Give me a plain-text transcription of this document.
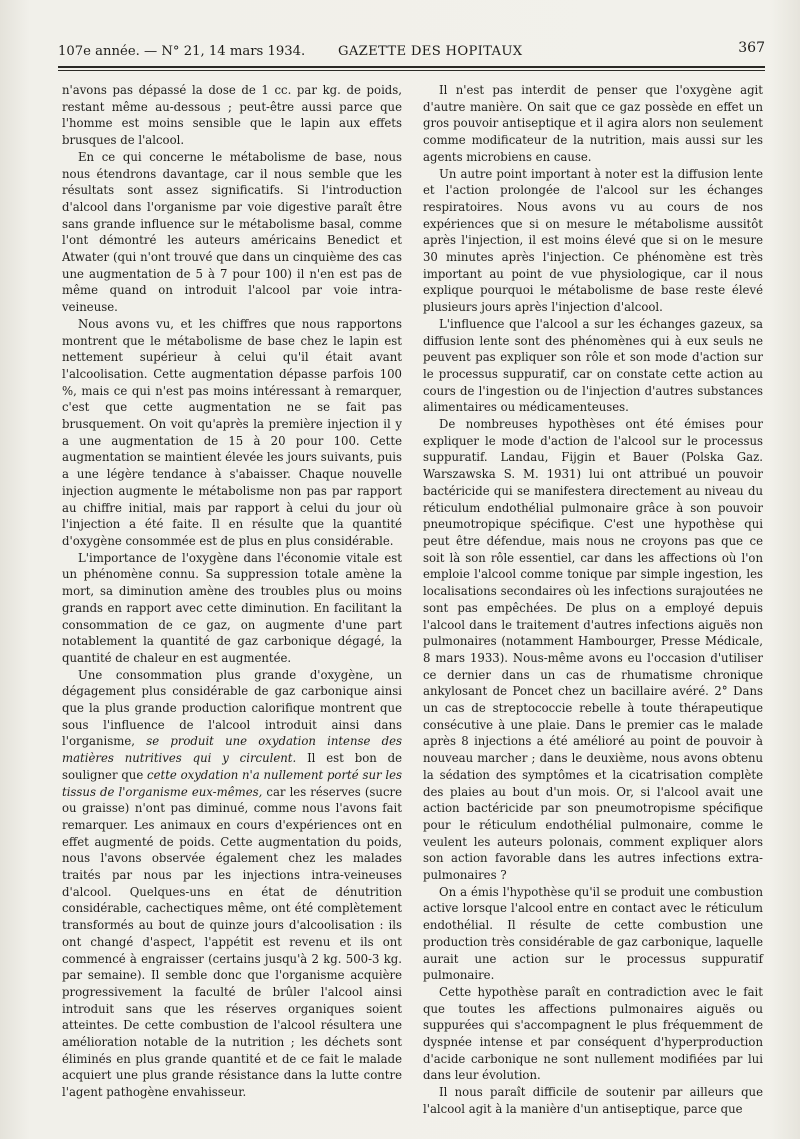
107e année. — N° 21, 14 mars 1934. GAZETTE DES HOPITAUX	367

n'avons pas dépassé la dose de 1 cc. par kg. de poids, restant même au-dessous ; peut-être aussi parce que l'homme est moins sensible que le lapin aux effets brusques de l'alcool.

En ce qui concerne le métabolisme de base, nous nous étendrons davantage, car il nous semble que les résultats sont assez significatifs. Si l'introduction d'alcool dans l'organisme par voie digestive paraît être sans grande influence sur le métabolisme basal, comme l'ont démontré les auteurs américains Benedict et Atwater (qui n'ont trouvé que dans un cinquième des cas une augmentation de 5 à 7 pour 100) il n'en est pas de même quand on introduit l'alcool par voie intra-veineuse.

Nous avons vu, et les chiffres que nous rapportons montrent que le métabolisme de base chez le lapin est nettement supérieur à celui qu'il était avant l'alcoolisation. Cette augmentation dépasse parfois 100 %, mais ce qui n'est pas moins intéressant à remarquer, c'est que cette augmentation ne se fait pas brusquement. On voit qu'après la première injection il y a une augmentation de 15 à 20 pour 100. Cette augmentation se maintient élevée les jours suivants, puis a une légère tendance à s'abaisser. Chaque nouvelle injection augmente le métabolisme non pas par rapport au chiffre initial, mais par rapport à celui du jour où l'injection a été faite. Il en résulte que la quantité d'oxygène consommée est de plus en plus considérable.

L'importance de l'oxygène dans l'économie vitale est un phénomène connu. Sa suppression totale amène la mort, sa diminution amène des troubles plus ou moins grands en rapport avec cette diminution. En facilitant la consommation de ce gaz, on augmente d'une part notablement la quantité de gaz carbonique dégagé, la quantité de chaleur en est augmentée.

Une consommation plus grande d'oxygène, un dégagement plus considérable de gaz carbonique ainsi que la plus grande production calorifique montrent que sous l'influence de l'alcool introduit ainsi dans l'organisme, se produit une oxydation intense des matières nutritives qui y circulent. Il est bon de souligner que cette oxydation n'a nullement porté sur les tissus de l'organisme eux-mêmes, car les réserves (sucre ou graisse) n'ont pas diminué, comme nous l'avons fait remarquer. Les animaux en cours d'expériences ont en effet augmenté de poids. Cette augmentation du poids, nous l'avons observée également chez les malades traités par nous par les injections intra-veineuses d'alcool. Quelques-uns en état de dénutrition considérable, cachectiques même, ont été complètement transformés au bout de quinze jours d'alcoolisation : ils ont changé d'aspect, l'appétit est revenu et ils ont commencé à engraisser (certains jusqu'à 2 kg. 500-3 kg. par semaine). Il semble donc que l'organisme acquière progressivement la faculté de brûler l'alcool ainsi introduit sans que les réserves organiques soient atteintes. De cette combustion de l'alcool résultera une amélioration notable de la nutrition ; les déchets sont éliminés en plus grande quantité et de ce fait le malade acquiert une plus grande résistance dans la lutte contre l'agent pathogène envahisseur.

Il n'est pas interdit de penser que l'oxygène agit d'autre manière. On sait que ce gaz possède en effet un gros pouvoir antiseptique et il agira alors non seulement comme modificateur de la nutrition, mais aussi sur les agents microbiens en cause.

Un autre point important à noter est la diffusion lente et l'action prolongée de l'alcool sur les échanges respiratoires. Nous avons vu au cours de nos expériences que si on mesure le métabolisme aussitôt après l'injection, il est moins élevé que si on le mesure 30 minutes après l'injection. Ce phénomène est très important au point de vue physiologique, car il nous explique pourquoi le métabolisme de base reste élevé plusieurs jours après l'injection d'alcool.

L'influence que l'alcool a sur les échanges gazeux, sa diffusion lente sont des phénomènes qui à eux seuls ne peuvent pas expliquer son rôle et son mode d'action sur le processus suppuratif, car on constate cette action au cours de l'ingestion ou de l'injection d'autres substances alimentaires ou médicamenteuses.

De nombreuses hypothèses ont été émises pour expliquer le mode d'action de l'alcool sur le processus suppuratif. Landau, Fijgin et Bauer (Polska Gaz. Warszawska S. M. 1931) lui ont attribué un pouvoir bactéricide qui se manifestera directement au niveau du réticulum endothélial pulmonaire grâce à son pouvoir pneumotropique spécifique. C'est une hypothèse qui peut être défendue, mais nous ne croyons pas que ce soit là son rôle essentiel, car dans les affections où l'on emploie l'alcool comme tonique par simple ingestion, les localisations secondaires où les infections surajoutées ne sont pas empêchées. De plus on a employé depuis l'alcool dans le traitement d'autres infections aiguës non pulmonaires (notamment Hambourger, Presse Médicale, 8 mars 1933). Nous-même avons eu l'occasion d'utiliser ce dernier dans un cas de rhumatisme chronique ankylosant de Poncet chez un bacillaire avéré. 2° Dans un cas de streptococcie rebelle à toute thérapeutique consécutive à une plaie. Dans le premier cas le malade après 8 injections a été amélioré au point de pouvoir à nouveau marcher ; dans le deuxième, nous avons obtenu la sédation des symptômes et la cicatrisation complète des plaies au bout d'un mois. Or, si l'alcool avait une action bactéricide par son pneumotropisme spécifique pour le réticulum endothélial pulmonaire, comme le veulent les auteurs polonais, comment expliquer alors son action favorable dans les autres infections extra-pulmonaires ?

On a émis l'hypothèse qu'il se produit une combustion active lorsque l'alcool entre en contact avec le réticulum endothélial. Il résulte de cette combustion une production très considérable de gaz carbonique, laquelle aurait une action sur le processus suppuratif pulmonaire.

Cette hypothèse paraît en contradiction avec le fait que toutes les affections pulmonaires aiguës ou suppurées qui s'accompagnent le plus fréquemment de dyspnée intense et par conséquent d'hyperproduction d'acide carbonique ne sont nullement modifiées par lui dans leur évolution.

Il nous paraît difficile de soutenir par ailleurs que l'alcool agit à la manière d'un antiseptique, parce que
